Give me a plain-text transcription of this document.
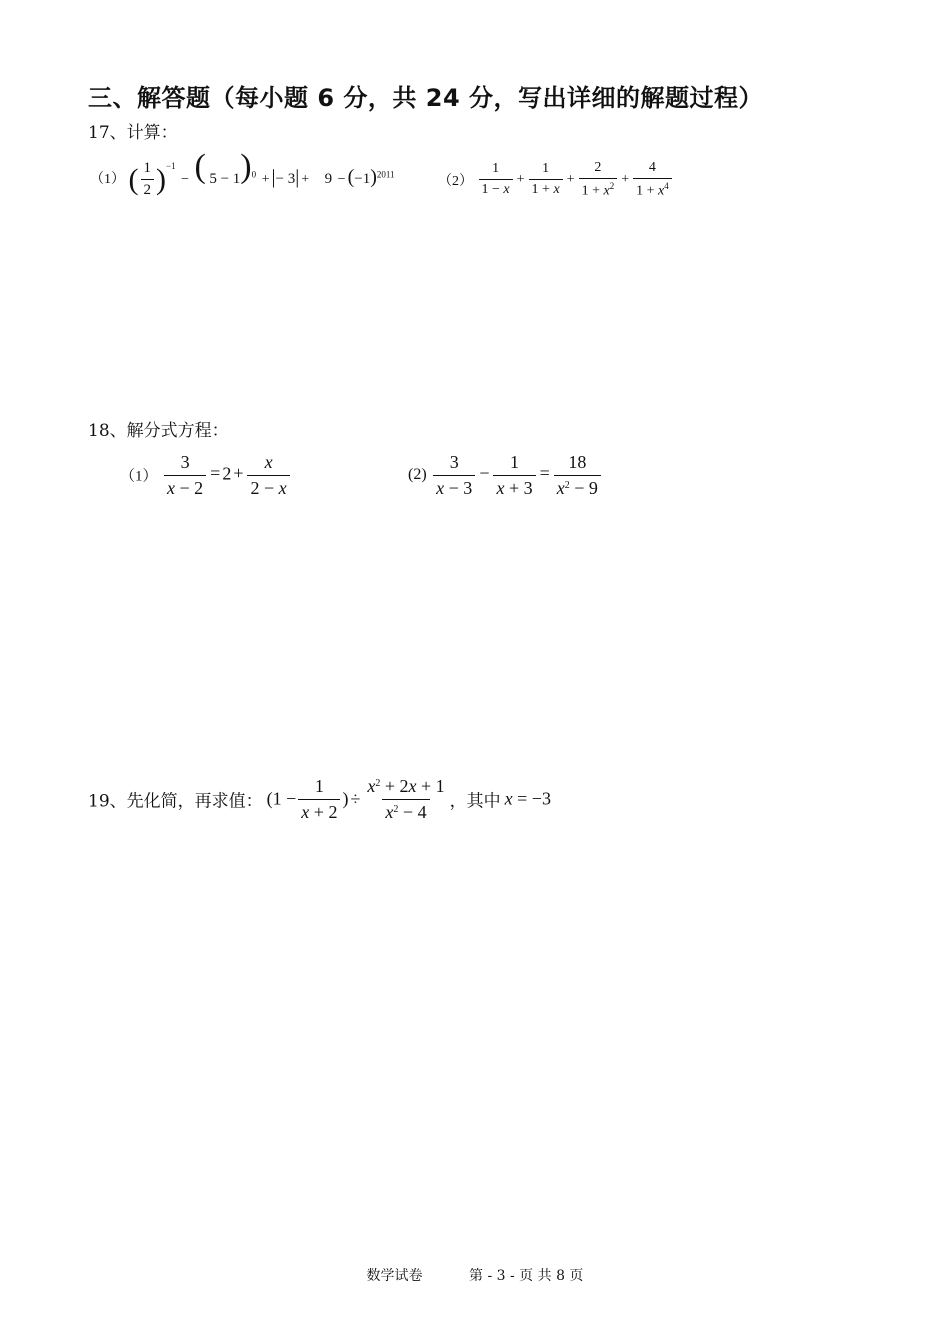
三、解答题（每小题 6 分，共 24 分，写出详细的解题过程）
17、计算：
（1） ( $\frac{1}{2} )^{-1}$ − ( 5 − 1)$^0$ + |− $3| + 9 - (-1)^{2011}$	$(2) \frac{1}{1 - x} + \frac{1}{1 + x} + \frac{2}{1 + x^2} + \frac{4}{1 + x^4}$
18、解分式方程：
$(1) \frac{3}{x - 2} = 2 + \frac{x}{2 - x}$	$(2) \frac{3}{x - 3} - \frac{1}{x + 3} = \frac{18}{x^2 - 9}$
19、先化简，再求值： ($1 - \frac{1}{x + 2}$ ) ÷ $\frac{x^2 + 2x + 1}{x^2 - 4}$ ，其中 x = −3
数学试卷	第 - 3 - 页 共 8 页
